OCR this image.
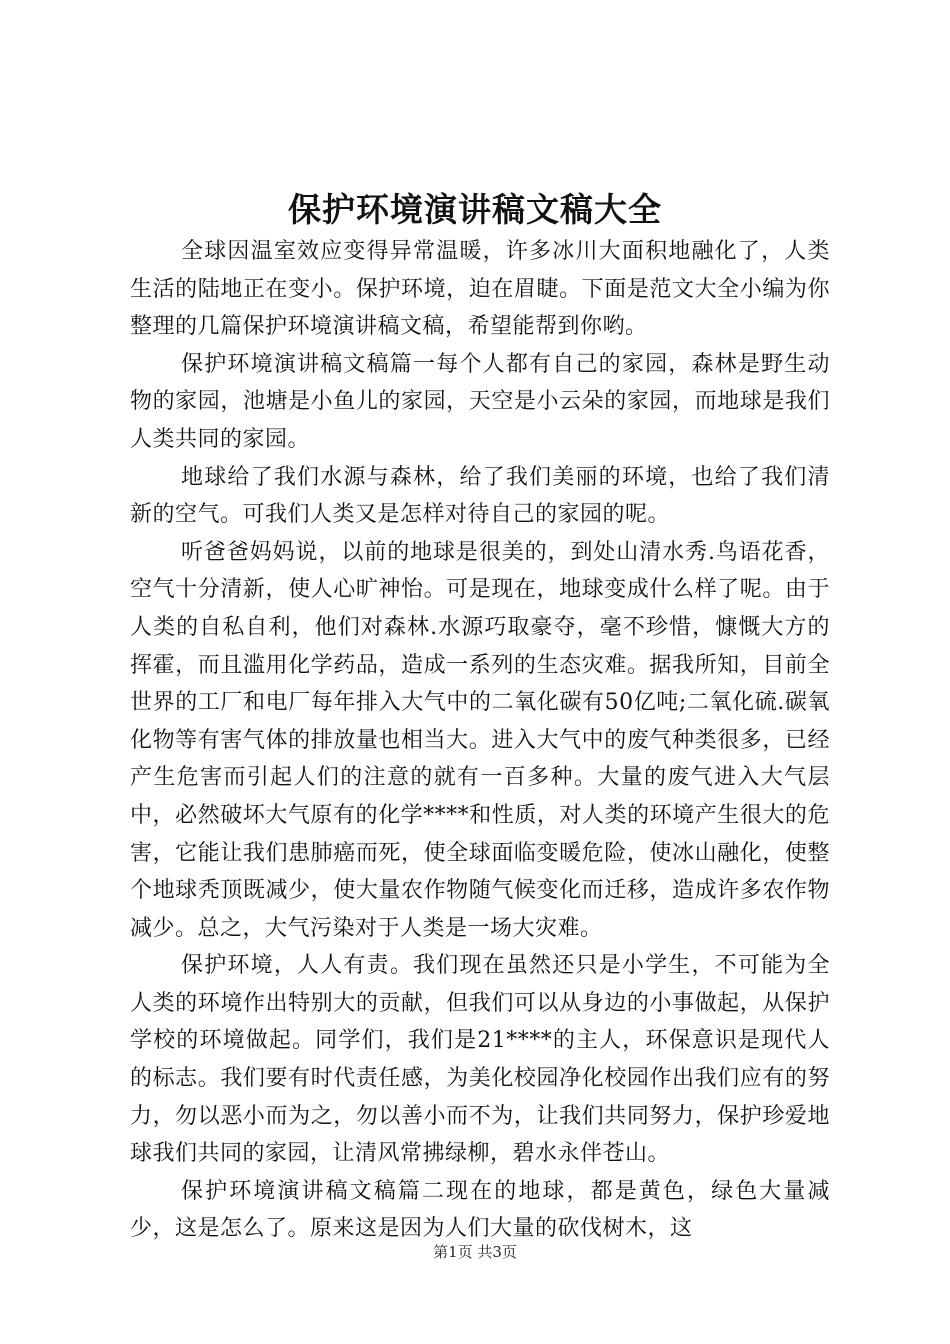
保护环境演讲稿文稿大全

全球因温室效应变得异常温暖，许多冰川大面积地融化了，人类生活的陆地正在变小。保护环境，迫在眉睫。下面是范文大全小编为你整理的几篇保护环境演讲稿文稿，希望能帮到你哟。

保护环境演讲稿文稿篇一每个人都有自己的家园，森林是野生动物的家园，池塘是小鱼儿的家园，天空是小云朵的家园，而地球是我们人类共同的家园。

地球给了我们水源与森林，给了我们美丽的环境，也给了我们清新的空气。可我们人类又是怎样对待自己的家园的呢。

听爸爸妈妈说，以前的地球是很美的，到处山清水秀.鸟语花香，空气十分清新，使人心旷神怡。可是现在，地球变成什么样了呢。由于人类的自私自利，他们对森林.水源巧取豪夺，毫不珍惜，慷慨大方的挥霍，而且滥用化学药品，造成一系列的生态灾难。据我所知，目前全世界的工厂和电厂每年排入大气中的二氧化碳有50亿吨;二氧化硫.碳氧化物等有害气体的排放量也相当大。进入大气中的废气种类很多，已经产生危害而引起人们的注意的就有一百多种。大量的废气进入大气层中，必然破坏大气原有的化学****和性质，对人类的环境产生很大的危害，它能让我们患肺癌而死，使全球面临变暖危险，使冰山融化，使整个地球秃顶既减少，使大量农作物随气候变化而迁移，造成许多农作物减少。总之，大气污染对于人类是一场大灾难。

保护环境，人人有责。我们现在虽然还只是小学生，不可能为全人类的环境作出特别大的贡献，但我们可以从身边的小事做起，从保护学校的环境做起。同学们，我们是21****的主人，环保意识是现代人的标志。我们要有时代责任感，为美化校园净化校园作出我们应有的努力，勿以恶小而为之，勿以善小而不为，让我们共同努力，保护珍爱地球我们共同的家园，让清风常拂绿柳，碧水永伴苍山。

保护环境演讲稿文稿篇二现在的地球，都是黄色，绿色大量减少，这是怎么了。原来这是因为人们大量的砍伐树木，这

第1页 共3页
